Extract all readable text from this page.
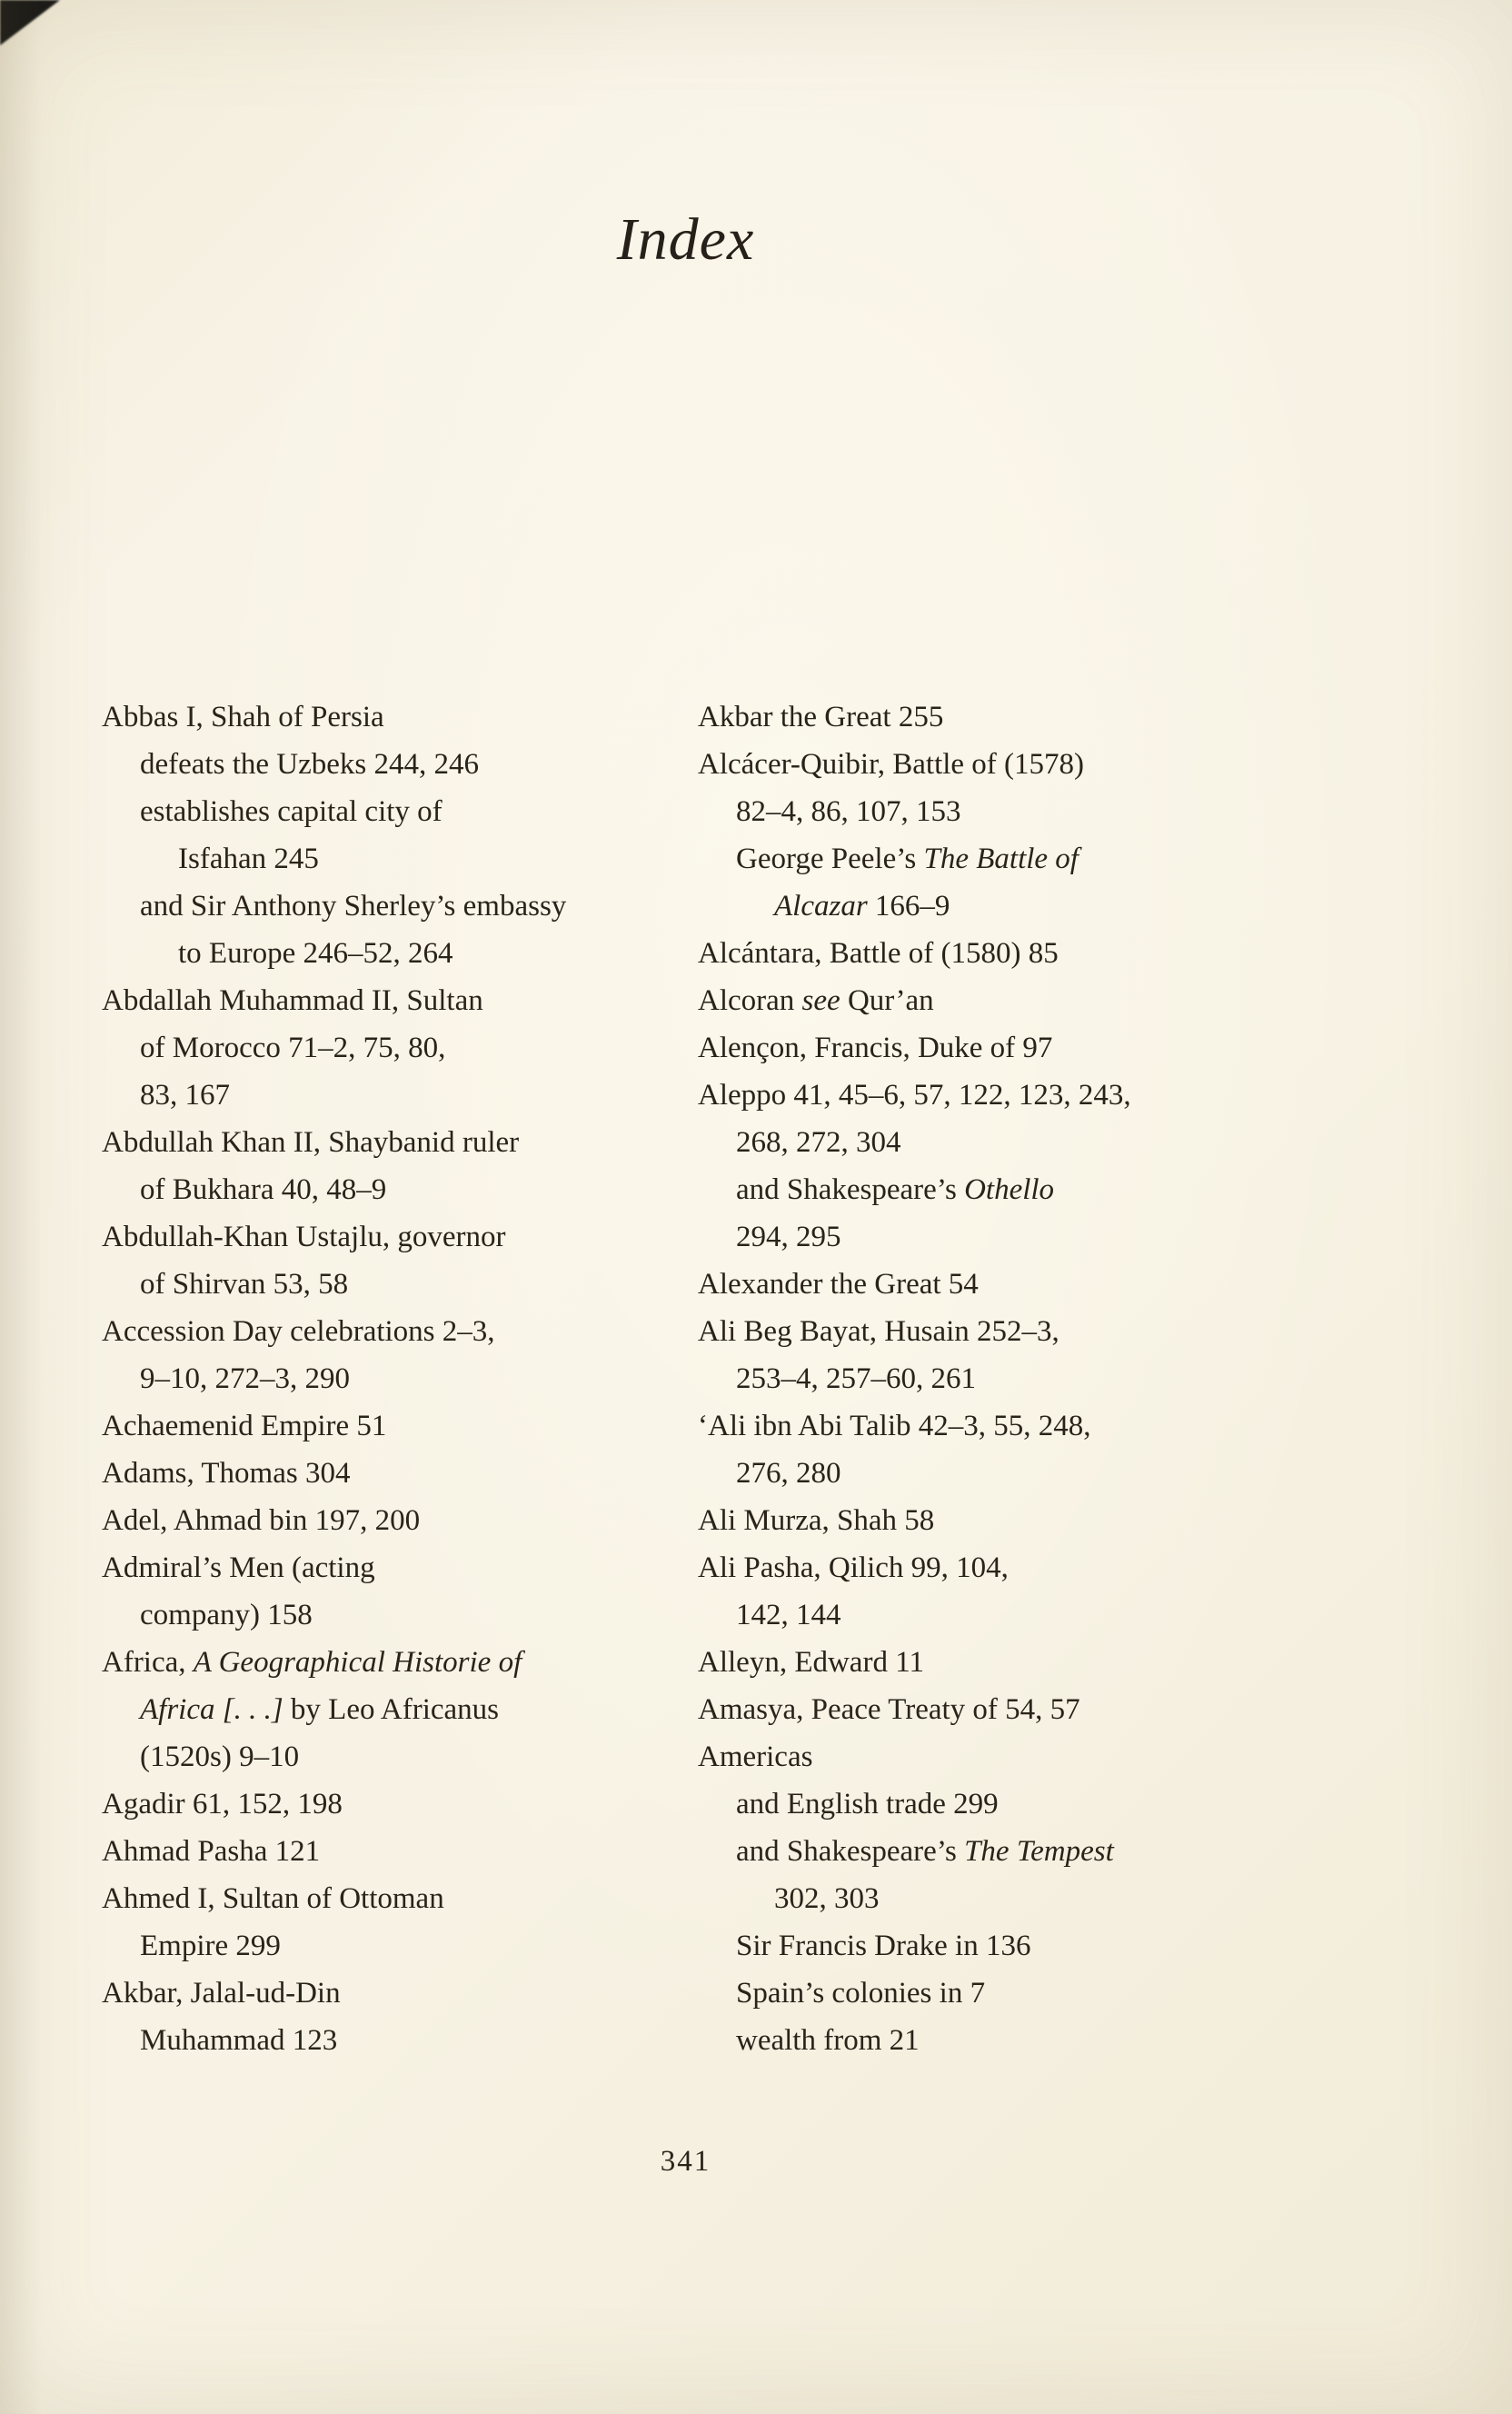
Index
Abbas I, Shah of Persia
defeats the Uzbeks 244, 246
establishes capital city of
Isfahan 245
and Sir Anthony Sherley’s embassy
to Europe 246–52, 264
Abdallah Muhammad II, Sultan
of Morocco 71–2, 75, 80,
83, 167
Abdullah Khan II, Shaybanid ruler
of Bukhara 40, 48–9
Abdullah-Khan Ustajlu, governor
of Shirvan 53, 58
Accession Day celebrations 2–3,
9–10, 272–3, 290
Achaemenid Empire 51
Adams, Thomas 304
Adel, Ahmad bin 197, 200
Admiral’s Men (acting
company) 158
Africa, A Geographical Historie of
Africa [. . .] by Leo Africanus
(1520s) 9–10
Agadir 61, 152, 198
Ahmad Pasha 121
Ahmed I, Sultan of Ottoman
Empire 299
Akbar, Jalal-ud-Din
Muhammad 123
Akbar the Great 255
Alcácer-Quibir, Battle of (1578)
82–4, 86, 107, 153
George Peele’s The Battle of
Alcazar 166–9
Alcántara, Battle of (1580) 85
Alcoran see Qur’an
Alençon, Francis, Duke of 97
Aleppo 41, 45–6, 57, 122, 123, 243,
268, 272, 304
and Shakespeare’s Othello
294, 295
Alexander the Great 54
Ali Beg Bayat, Husain 252–3,
253–4, 257–60, 261
‘Ali ibn Abi Talib 42–3, 55, 248,
276, 280
Ali Murza, Shah 58
Ali Pasha, Qilich 99, 104,
142, 144
Alleyn, Edward 11
Amasya, Peace Treaty of 54, 57
Americas
and English trade 299
and Shakespeare’s The Tempest
302, 303
Sir Francis Drake in 136
Spain’s colonies in 7
wealth from 21
341
